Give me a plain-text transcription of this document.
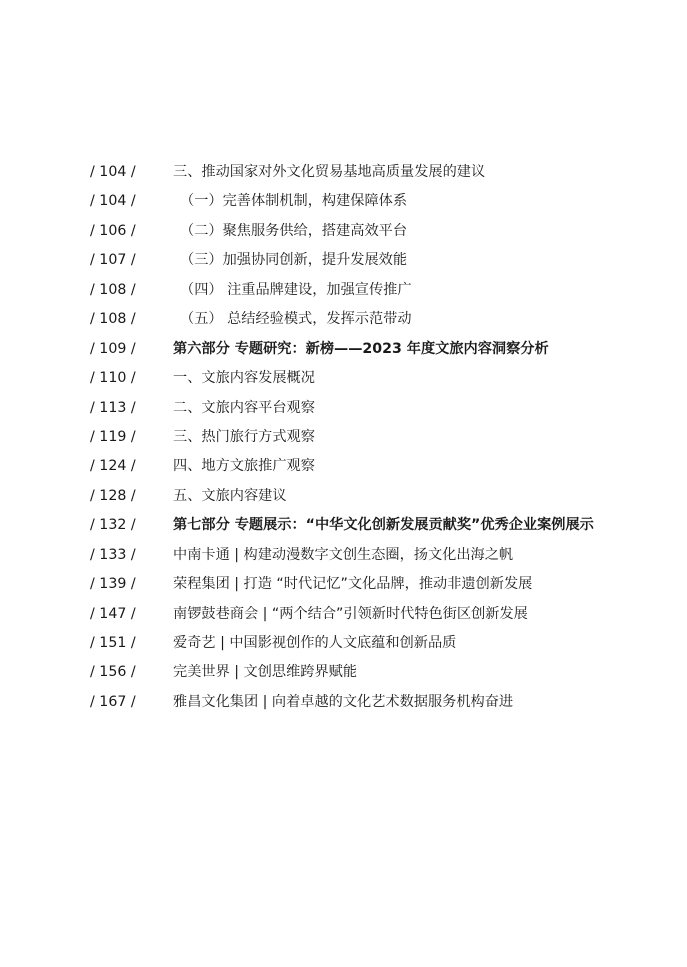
/ 104 /	三、推动国家对外文化贸易基地高质量发展的建议
/ 104 /	（一）完善体制机制，构建保障体系
/ 106 /	（二）聚焦服务供给，搭建高效平台
/ 107 /	（三）加强协同创新，提升发展效能
/ 108 /	（四） 注重品牌建设，加强宣传推广
/ 108 /	（五） 总结经验模式，发挥示范带动
/ 109 /	第六部分 专题研究：新榜——2023 年度文旅内容洞察分析
/ 110 /	一、文旅内容发展概况
/ 113 /	二、文旅内容平台观察
/ 119 /	三、热门旅行方式观察
/ 124 /	四、地方文旅推广观察
/ 128 /	五、文旅内容建议
/ 132 /	第七部分 专题展示：“中华文化创新发展贡献奖”优秀企业案例展示
/ 133 /	中南卡通 | 构建动漫数字文创生态圈，扬文化出海之帆
/ 139 /	荣程集团 | 打造 “时代记忆”文化品牌，推动非遗创新发展
/ 147 /	南锣鼓巷商会 | “两个结合”引领新时代特色街区创新发展
/ 151 /	爱奇艺 | 中国影视创作的人文底蕴和创新品质
/ 156 /	完美世界 | 文创思维跨界赋能
/ 167 /	雅昌文化集团 | 向着卓越的文化艺术数据服务机构奋进
